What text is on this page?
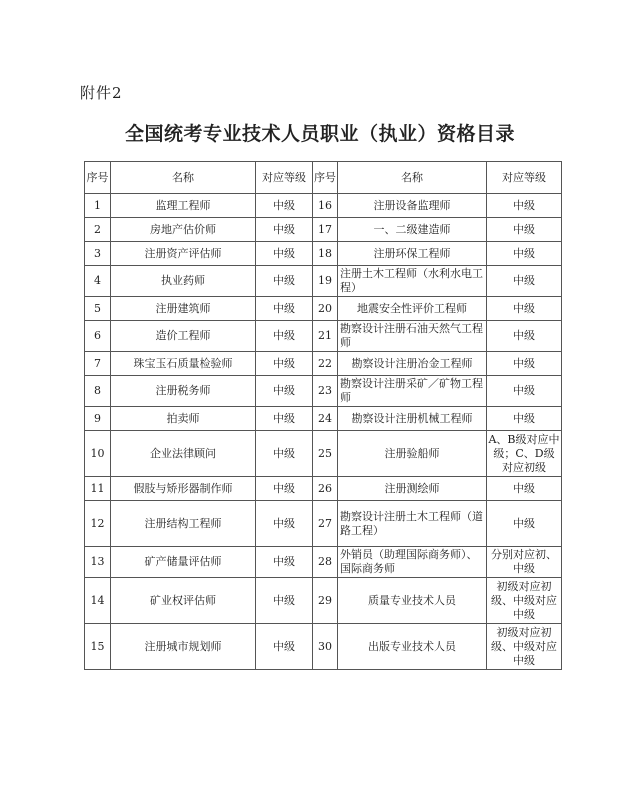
附件2
全国统考专业技术人员职业（执业）资格目录
序号	名称	对应等级	序号	名称	对应等级
1	监理工程师	中级	16	注册设备监理师	中级
2	房地产估价师	中级	17	一、二级建造师	中级
3	注册资产评估师	中级	18	注册环保工程师	中级
4	执业药师	中级	19	注册土木工程师（水利水电工程）	中级
5	注册建筑师	中级	20	地震安全性评价工程师	中级
6	造价工程师	中级	21	勘察设计注册石油天然气工程师	中级
7	珠宝玉石质量检验师	中级	22	勘察设计注册冶金工程师	中级
8	注册税务师	中级	23	勘察设计注册采矿／矿物工程师	中级
9	拍卖师	中级	24	勘察设计注册机械工程师	中级
10	企业法律顾问	中级	25	注册验船师	A、B级对应中级；C、D级对应初级
11	假肢与矫形器制作师	中级	26	注册测绘师	中级
12	注册结构工程师	中级	27	勘察设计注册土木工程师（道路工程）	中级
13	矿产储量评估师	中级	28	外销员（助理国际商务师）、国际商务师	分别对应初、中级
14	矿业权评估师	中级	29	质量专业技术人员	初级对应初级、中级对应中级
15	注册城市规划师	中级	30	出版专业技术人员	初级对应初级、中级对应中级
